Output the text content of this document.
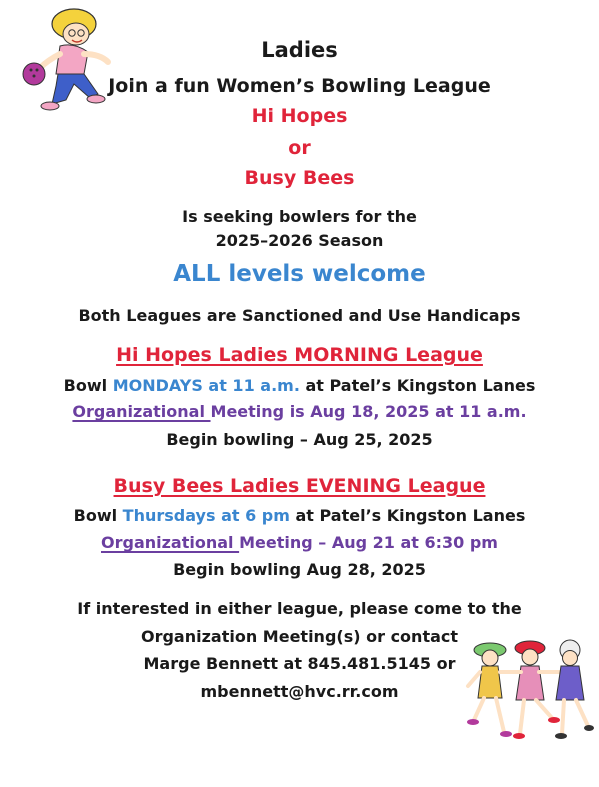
Ladies
Join a fun Women’s Bowling League
Hi Hopes
or
Busy Bees
Is seeking bowlers for the
2025–2026 Season
ALL levels welcome
Both Leagues are Sanctioned and Use Handicaps
Hi Hopes Ladies MORNING League
Bowl MONDAYS at 11 a.m. at Patel’s Kingston Lanes
Organizational Meeting is Aug 18, 2025 at 11 a.m.
Begin bowling – Aug 25, 2025
Busy Bees Ladies EVENING League
Bowl Thursdays at 6 pm at Patel’s Kingston Lanes
Organizational Meeting – Aug 21 at 6:30 pm
Begin bowling Aug 28, 2025
If interested in either league, please come to the
Organization Meeting(s) or contact
Marge Bennett at 845.481.5145 or
mbennett@hvc.rr.com
